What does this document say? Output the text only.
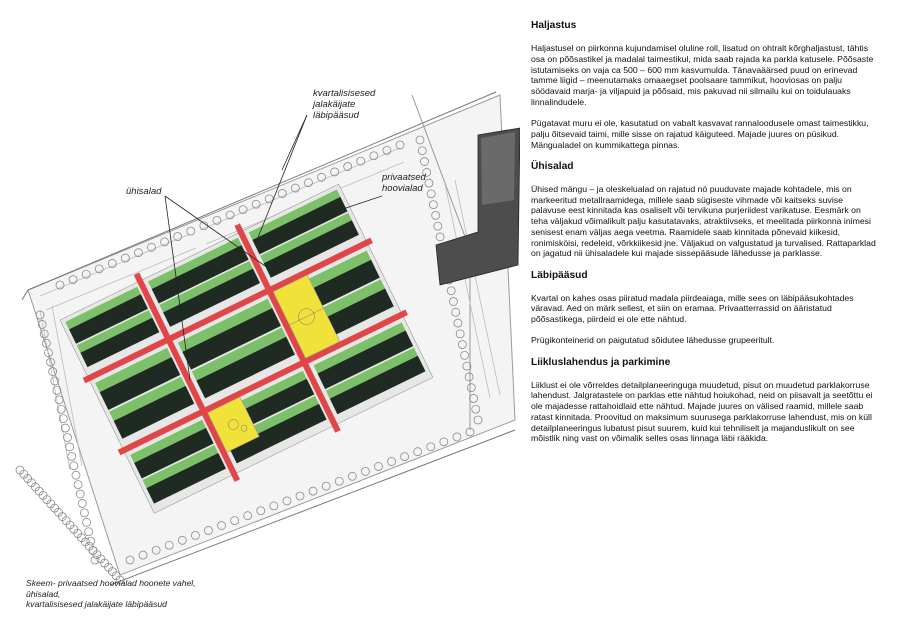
kvartalisisesed
jalakäijate
läbipääsud
ühisalad
privaatsed
hoovialad
Skeem- privaatsed hoovialad hoonete vahel,
ühisalad,
kvartalisisesed jalakäijate läbipääsud
Haljastus

Haljastusel on piirkonna kujundamisel oluline roll, lisatud on ohtralt kõrghaljastust, tähtis osa on põõsastikel ja madalal taimestikul, mida saab rajada ka parkla katusele. Põõsaste istutamiseks on vaja ca 500 – 600 mm kasvumulda. Tänavaäärsed puud on erinevad tamme liigid – meenutamaks omaaegset poolsaare tammikut, hooviosas on palju söödavaid marja- ja viljapuid ja põõsaid, mis pakuvad nii silmailu kui on toidulauaks linnalindudele.

Pügatavat muru ei ole, kasutatud on vabalt kasvavat rannaloodusele omast taimestikku, palju õitsevaid taimi, mille sisse on rajatud käiguteed. Majade juures on püsikud. Mängualadel on kummikattega pinnas.

Ühisalad

Ühised mängu – ja oleskelualad on rajatud nö puuduvate majade kohtadele, mis on markeeritud metallraamidega, millele saab sügiseste vihmade või kaitseks suvise palavuse eest kinnitada kas osaliselt või tervikuna purjeriidest varikatuse. Eesmärk on teha väljakud võimalikult palju kasutatavaks, atraktiivseks, et meelitada piirkonna inimesi senisest enam väljas aega veetma. Raamidele saab kinnitada põnevaid kiikesid, ronimisköisi, redeleid, võrkkiikesid jne. Väljakud on valgustatud ja turvalised. Rattaparklad on jagatud nii ühisaladele kui majade sissepääsude lähedusse ja parklasse.

Läbipääsud

Kvartal on kahes osas piiratud madala piirdeaiaga, mille sees on läbipääsukohtades väravad. Aed on märk sellest, et siin on eramaa. Privaatterrassid on ääristatud põõsastikega, piirdeid ei ole ette nähtud.

Prügikonteinerid on paigutatud sõidutee lähedusse grupeeritult.

Liikluslahendus ja parkimine

Liiklust ei ole võrreldes detailplaneeringuga muudetud, pisut on muudetud parklakorruse lahendust. Jalgratastele on parklas ette nähtud hoiukohad, neid on piisavalt ja seetõttu ei ole majadesse rattahoidlaid ette nähtud. Majade juures on välised raamid, millele saab ratast kinnitada. Proovitud on maksimum suurusega parklakorruse lahendust, mis on küll detailplaneeringus lubatust pisut suurem, kuid kui tehniliselt ja majanduslikult on see mõistlik ning vast on võimalik selles osas linnaga läbi rääkida.
